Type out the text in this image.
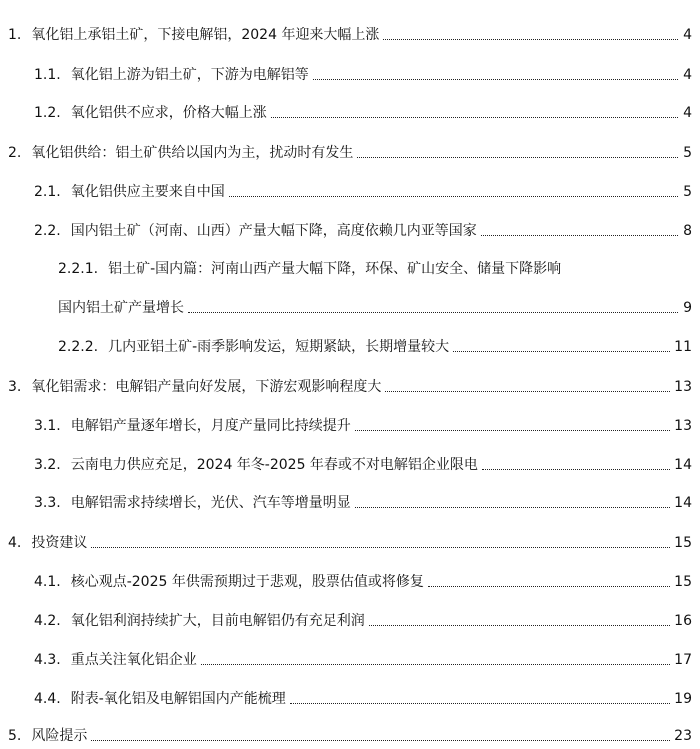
1. 氧化铝上承铝土矿，下接电解铝，2024 年迎来大幅上涨	4
1.1. 氧化铝上游为铝土矿，下游为电解铝等	4
1.2. 氧化铝供不应求，价格大幅上涨	4
2. 氧化铝供给：铝土矿供给以国内为主，扰动时有发生	5
2.1. 氧化铝供应主要来自中国	5
2.2. 国内铝土矿（河南、山西）产量大幅下降，高度依赖几内亚等国家	8
2.2.1. 铝土矿-国内篇：河南山西产量大幅下降，环保、矿山安全、储量下降影响
国内铝土矿产量增长	9
2.2.2. 几内亚铝土矿-雨季影响发运，短期紧缺，长期增量较大	11
3. 氧化铝需求：电解铝产量向好发展，下游宏观影响程度大	13
3.1. 电解铝产量逐年增长，月度产量同比持续提升	13
3.2. 云南电力供应充足，2024 年冬-2025 年春或不对电解铝企业限电	14
3.3. 电解铝需求持续增长，光伏、汽车等增量明显	14
4. 投资建议	15
4.1. 核心观点-2025 年供需预期过于悲观，股票估值或将修复	15
4.2. 氧化铝利润持续扩大，目前电解铝仍有充足利润	16
4.3. 重点关注氧化铝企业	17
4.4. 附表-氧化铝及电解铝国内产能梳理	19
5. 风险提示	23
